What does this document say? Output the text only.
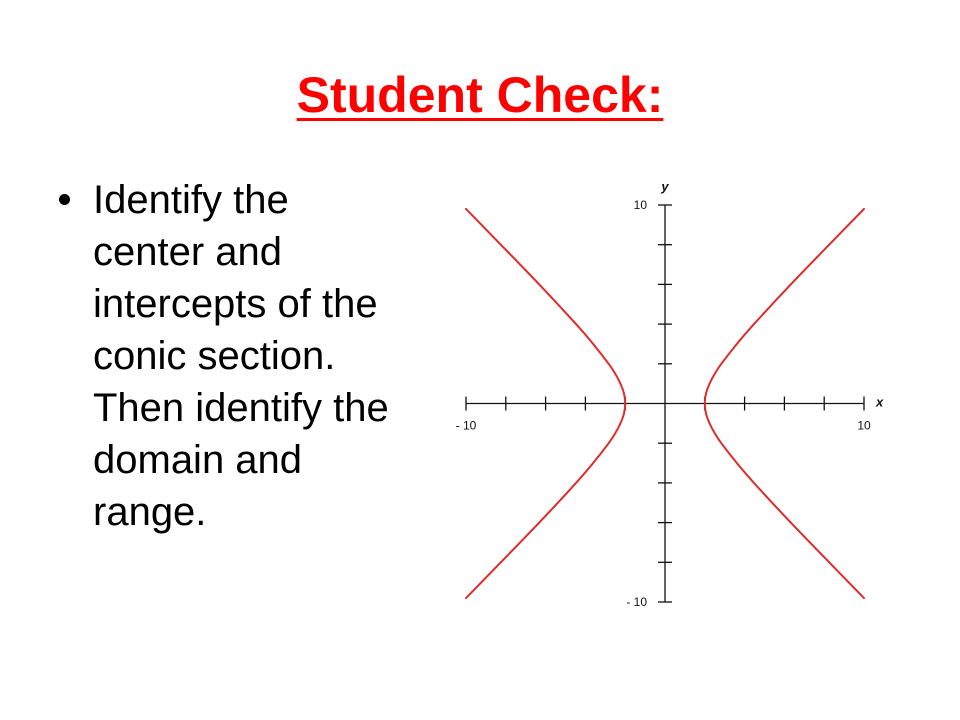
Student Check:
Identify the center and intercepts of the conic section. Then identify the domain and range.
- 10	10
10
- 10
x
y
